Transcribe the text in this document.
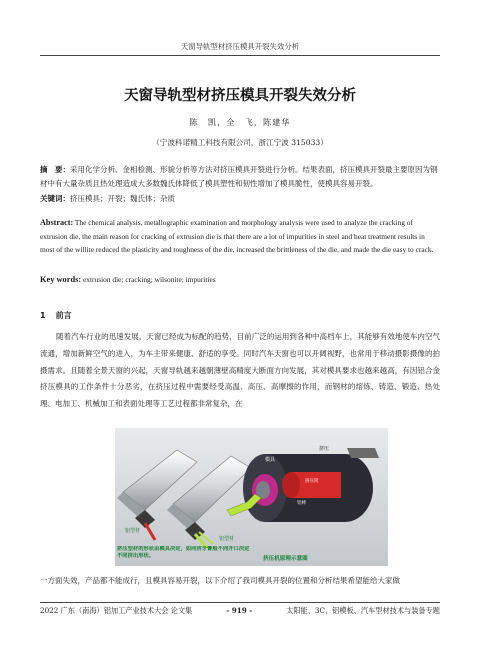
天窗导轨型材挤压模具开裂失效分析
天窗导轨型材挤压模具开裂失效分析
陈　凯，全　飞，陈建华
（宁波科诺精工科技有限公司，浙江宁波 315033）
摘　要：采用化学分析、金相检测、形貌分析等方法对挤压模具开裂进行分析。结果表面，挤压模具开裂最主要原因为钢材中有大量杂质且热处理造成大多数魏氏体降低了模具塑性和韧性增加了模具脆性，使模具容易开裂。
关键词：挤压模具；开裂；魏氏体；杂质
Abstract: The chemical analysis, metallographic examination and morphology analysis were used to analyze the cracking of extrusion die, the main reason for cracking of extrusion die is that there are a lot of impurities in steel and heat treatment results in most of the willite reduced the plasticity and toughness of the die, increased the brittleness of the die, and made the die easy to crack.
Key words: extrusion die; cracking; wilsonite; impurities
1 前言
随着汽车行业的迅速发展，天窗已经成为标配的趋势，目前广泛的运用到各种中高档车上，其能够有效地使车内空气流通，增加新鲜空气的进入，为车主带来健康、舒适的享受。同时汽车天窗也可以开阔视野，也常用于移动摄影摄像的拍摄需求。且随着全景天窗的兴起，天窗导轨越来越朝薄壁高精度大断面方向发展，其对模具要求也越来越高，有因铝合金挤压模具的工作条件十分恶劣，在挤压过程中需要经受高温、高压、高摩擦的作用，而钢材的熔炼、铸造、锻造、热处理、电加工、机械加工和表面处理等工艺过程都非常复杂，在
铝型材
铝型材
模具
挤压
挤压筒
铝棒
挤压型材的形状由模具决定，如同挤牙膏般不同开口决定不同挤出形状。
挤压机原理示意图
一方面失效，产品都不能成行，且模具容易开裂，以下介绍了我司模具开裂的位置和分析结果希望能给大家做
2022 广东（南海）铝加工产业技术大会 论文集	- 919 -	太阳能、3C、铝模板、汽车型材技术与装备专题
